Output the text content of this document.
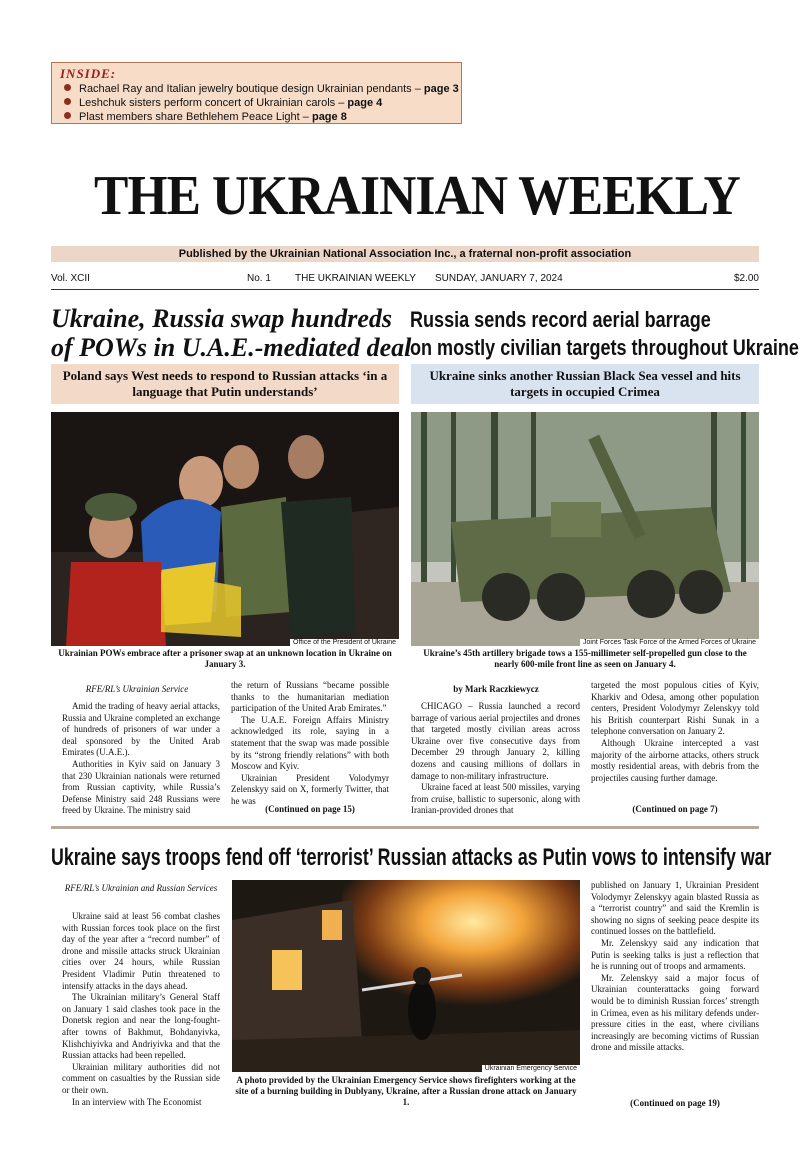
INSIDE:
Rachael Ray and Italian jewelry boutique design Ukrainian pendants – page 3
Leshchuk sisters perform concert of Ukrainian carols – page 4
Plast members share Bethlehem Peace Light – page 8
THE UKRAINIAN WEEKLY
Published by the Ukrainian National Association Inc., a fraternal non-profit association
Vol. XCII	No. 1 THE UKRAINIAN WEEKLY SUNDAY, JANUARY 7, 2024	$2.00
Ukraine, Russia swap hundreds
of POWs in U.A.E.-mediated deal
Poland says West needs to respond to Russian attacks ‘in a language that Putin understands’
Office of the President of Ukraine
Ukrainian POWs embrace after a prisoner swap at an unknown location in Ukraine on January 3.
RFE/RL’s Ukrainian Service

Amid the trading of heavy aerial attacks, Russia and Ukraine completed an exchange of hundreds of prisoners of war under a deal sponsored by the United Arab Emirates (U.A.E.).

Authorities in Kyiv said on January 3 that 230 Ukrainian nationals were returned from Russian captivity, while Russia’s Defense Ministry said 248 Russians were freed by Ukraine. The ministry said

the return of Russians “became possible thanks to the humanitarian mediation participation of the United Arab Emirates.”

The U.A.E. Foreign Affairs Ministry acknowledged its role, saying in a statement that the swap was made possible by its “strong friendly relations” with both Moscow and Kyiv.

Ukrainian President Volodymyr Zelenskyy said on X, formerly Twitter, that he was

(Continued on page 15)
Russia sends record aerial barrage
on mostly civilian targets throughout Ukraine
Ukraine sinks another Russian Black Sea vessel and hits targets in occupied Crimea
Joint Forces Task Force of the Armed Forces of Ukraine
Ukraine’s 45th artillery brigade tows a 155-millimeter self-propelled gun close to the nearly 600-mile front line as seen on January 4.
by Mark Raczkiewycz

CHICAGO – Russia launched a record barrage of various aerial projectiles and drones that targeted mostly civilian areas across Ukraine over five consecutive days from December 29 through January 2, killing dozens and causing millions of dollars in damage to non-military infrastructure.

Ukraine faced at least 500 missiles, varying from cruise, ballistic to supersonic, along with Iranian-provided drones that

targeted the most populous cities of Kyiv, Kharkiv and Odesa, among other population centers, President Volodymyr Zelenskyy told his British counterpart Rishi Sunak in a telephone conversation on January 2.

Although Ukraine intercepted a vast majority of the airborne attacks, others struck mostly residential areas, with debris from the projectiles causing further damage.

(Continued on page 7)
Ukraine says troops fend off ‘terrorist’ Russian attacks as Putin vows to intensify war
RFE/RL’s Ukrainian and Russian Services

Ukraine said at least 56 combat clashes with Russian forces took place on the first day of the year after a “record number” of drone and missile attacks struck Ukrainian cities over 24 hours, while Russian President Vladimir Putin threatened to intensify attacks in the days ahead.

The Ukrainian military’s General Staff on January 1 said clashes took pace in the Donetsk region and near the long-fought-after towns of Bakhmut, Bohdanyivka, Klishchiyivka and Andriyivka and that the Russian attacks had been repelled.

Ukrainian military authorities did not comment on casualties by the Russian side or their own.

In an interview with The Economist

Ukrainian Emergency Service
A photo provided by the Ukrainian Emergency Service shows firefighters working at the site of a burning building in Dublyany, Ukraine, after a Russian drone attack on January 1.

published on January 1, Ukrainian President Volodymyr Zelenskyy again blasted Russia as a “terrorist country” and said the Kremlin is showing no signs of seeking peace despite its continued losses on the battlefield.

Mr. Zelenskyy said any indication that Putin is seeking talks is just a reflection that he is running out of troops and armaments.

Mr. Zelenskyy said a major focus of Ukrainian counterattacks going forward would be to diminish Russian forces’ strength in Crimea, even as his military defends under-pressure cities in the east, where civilians increasingly are becoming victims of Russian drone and missile attacks.

(Continued on page 19)
